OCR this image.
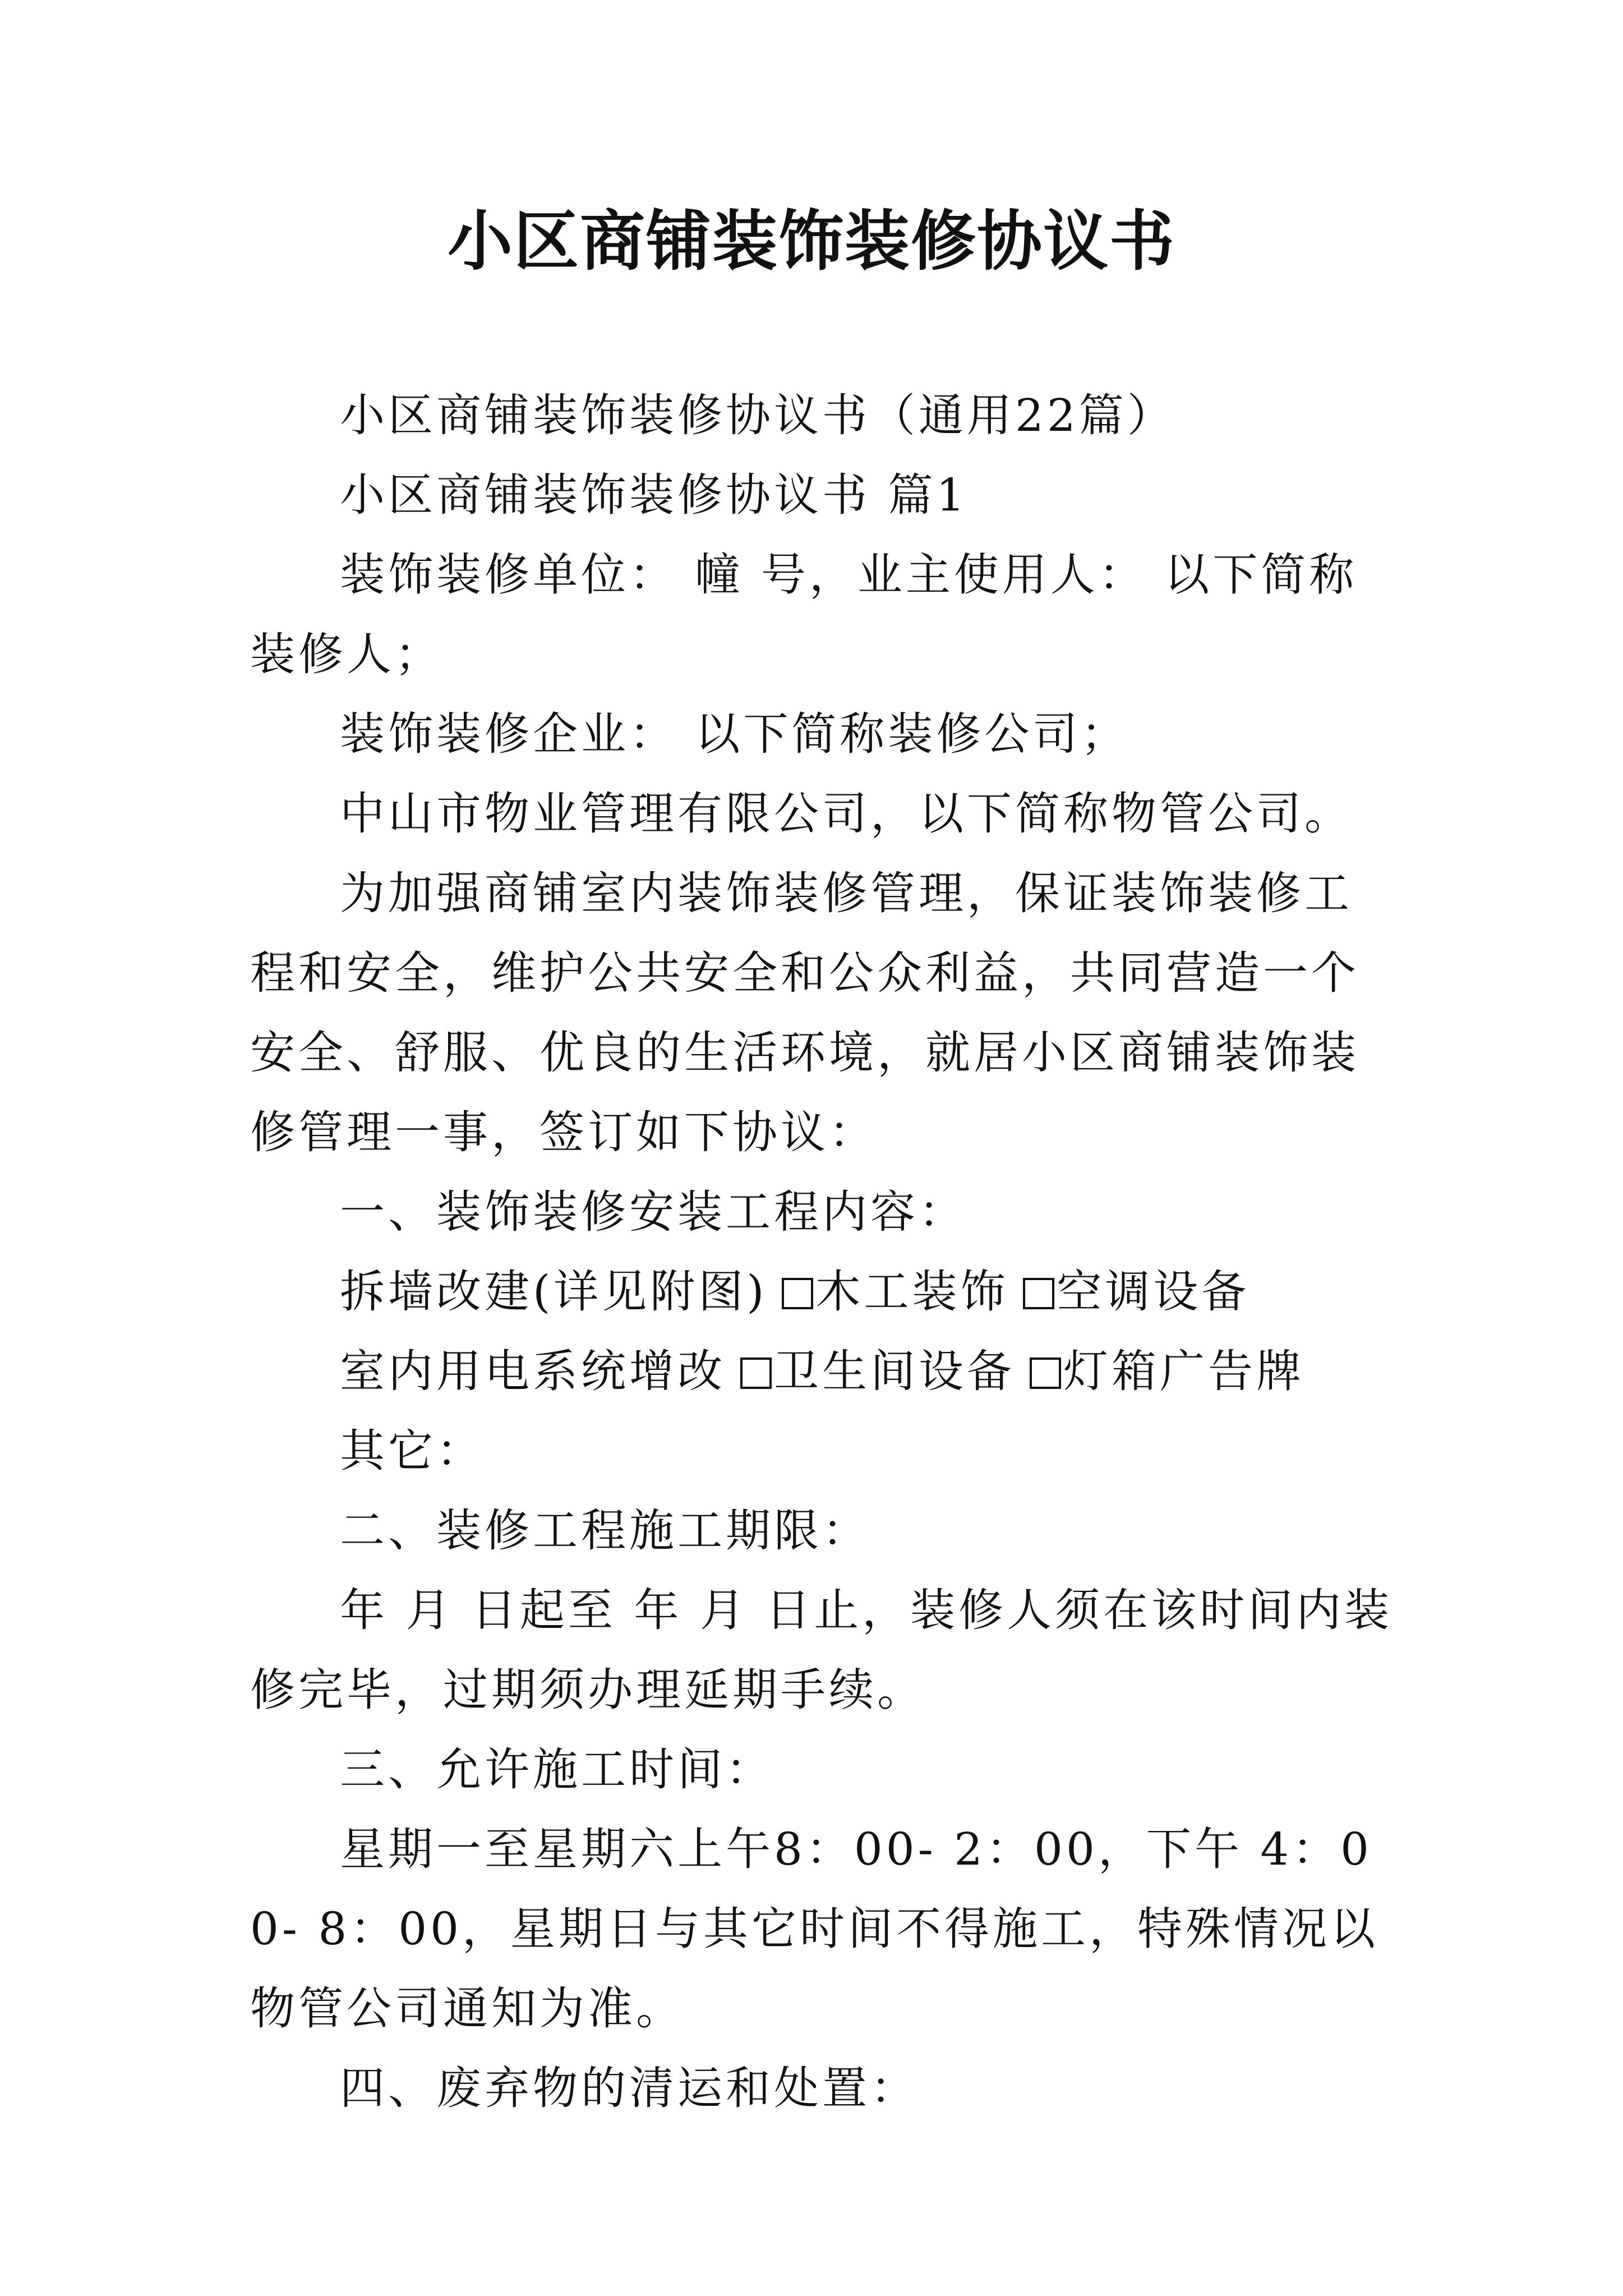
小区商铺装饰装修协议书

小区商铺装饰装修协议书（通用22篇）

小区商铺装饰装修协议书 篇1

装饰装修单位： 幢 号，业主使用人： 以下简称装修人；

装饰装修企业： 以下简称装修公司；

中山市物业管理有限公司，以下简称物管公司。

为加强商铺室内装饰装修管理，保证装饰装修工程和安全，维护公共安全和公众利益，共同营造一个安全、舒服、优良的生活环境，就居小区商铺装饰装修管理一事，签订如下协议：

一、装饰装修安装工程内容：

拆墙改建(详见附图) 木工装饰 空调设备

室内用电系统增改 卫生间设备 灯箱广告牌

其它：

二、装修工程施工期限：

年 月 日起至 年 月 日止，装修人须在该时间内装修完毕，过期须办理延期手续。

三、允许施工时间：

星期一至星期六上午8：00- 2：00，下午 4：00- 8：00，星期日与其它时间不得施工，特殊情况以物管公司通知为准。

四、废弃物的清运和处置：
